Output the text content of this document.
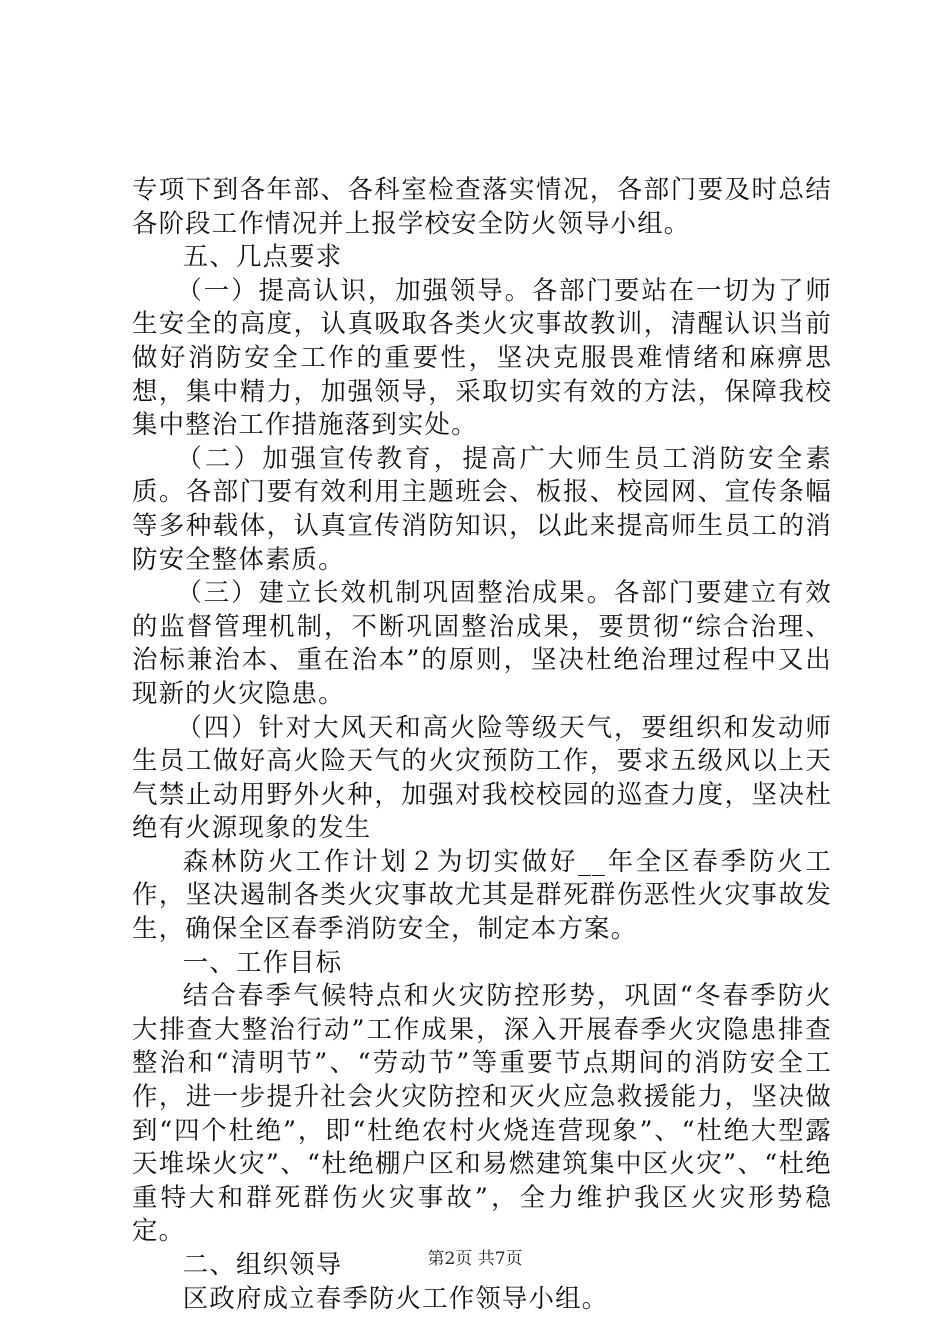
专项下到各年部、各科室检查落实情况，各部门要及时总结各阶段工作情况并上报学校安全防火领导小组。

五、几点要求

（一）提高认识，加强领导。各部门要站在一切为了师生安全的高度，认真吸取各类火灾事故教训，清醒认识当前做好消防安全工作的重要性，坚决克服畏难情绪和麻痹思想，集中精力，加强领导，采取切实有效的方法，保障我校集中整治工作措施落到实处。

（二）加强宣传教育，提高广大师生员工消防安全素质。各部门要有效利用主题班会、板报、校园网、宣传条幅等多种载体，认真宣传消防知识，以此来提高师生员工的消防安全整体素质。

（三）建立长效机制巩固整治成果。各部门要建立有效的监督管理机制，不断巩固整治成果，要贯彻“综合治理、治标兼治本、重在治本”的原则，坚决杜绝治理过程中又出现新的火灾隐患。

（四）针对大风天和高火险等级天气，要组织和发动师生员工做好高火险天气的火灾预防工作，要求五级风以上天气禁止动用野外火种，加强对我校校园的巡查力度，坚决杜绝有火源现象的发生

森林防火工作计划２为切实做好__年全区春季防火工作，坚决遏制各类火灾事故尤其是群死群伤恶性火灾事故发生，确保全区春季消防安全，制定本方案。

一、工作目标

结合春季气候特点和火灾防控形势，巩固“冬春季防火大排查大整治行动”工作成果，深入开展春季火灾隐患排查整治和“清明节”、“劳动节”等重要节点期间的消防安全工作，进一步提升社会火灾防控和灭火应急救援能力，坚决做到“四个杜绝”，即“杜绝农村火烧连营现象”、“杜绝大型露天堆垛火灾”、“杜绝棚户区和易燃建筑集中区火灾”、“杜绝重特大和群死群伤火灾事故”，全力维护我区火灾形势稳定。

二、组织领导

区政府成立春季防火工作领导小组。

第2页 共7页
